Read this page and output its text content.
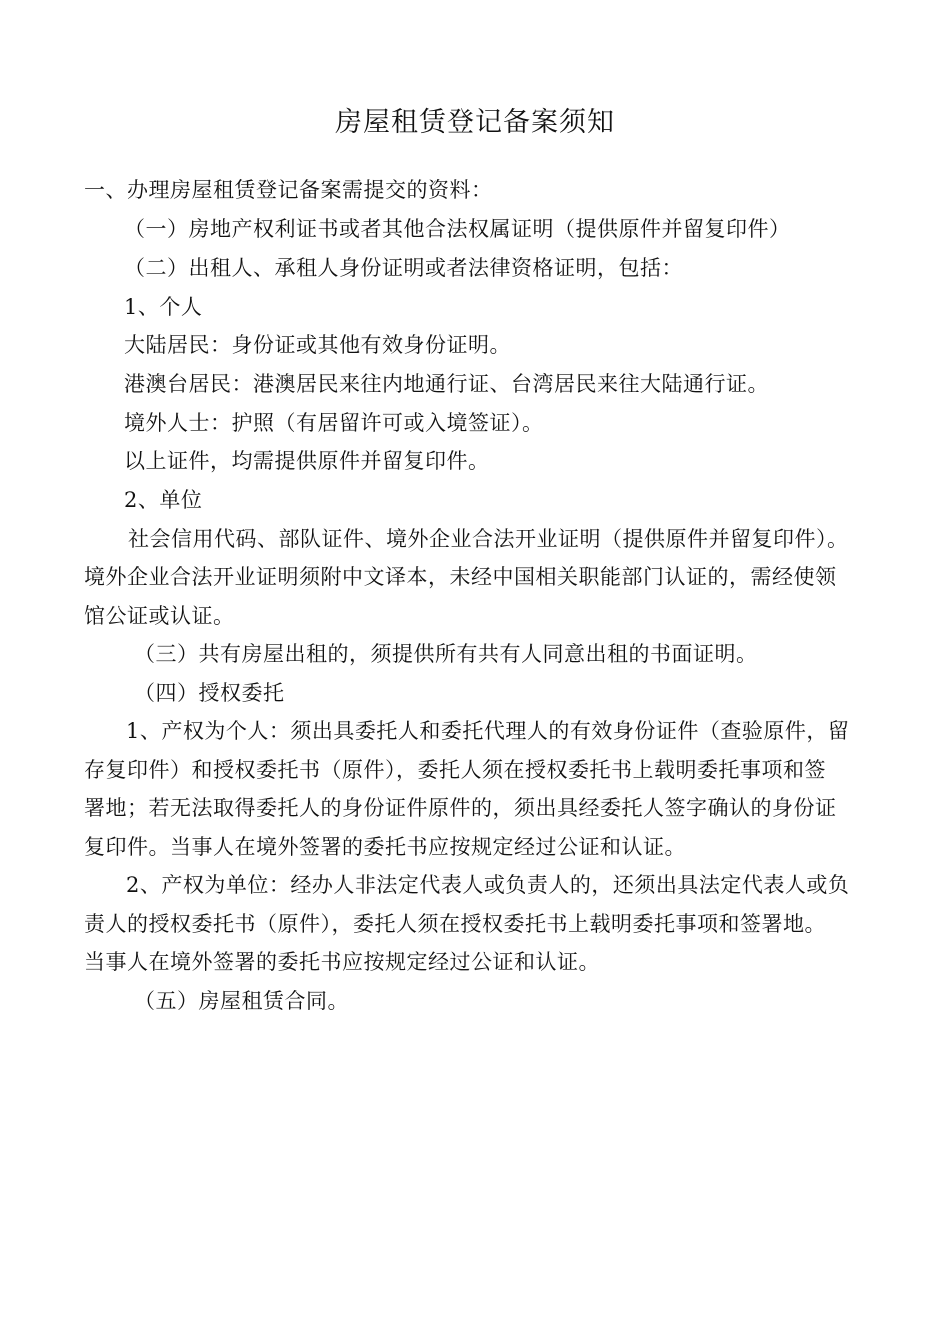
房屋租赁登记备案须知
一、办理房屋租赁登记备案需提交的资料：
（一）房地产权利证书或者其他合法权属证明（提供原件并留复印件）
（二）出租人、承租人身份证明或者法律资格证明，包括：
1、个人
大陆居民：身份证或其他有效身份证明。
港澳台居民：港澳居民来往内地通行证、台湾居民来往大陆通行证。
境外人士：护照（有居留许可或入境签证）。
以上证件，均需提供原件并留复印件。
2、单位
社会信用代码、部队证件、境外企业合法开业证明（提供原件并留复印件）。
境外企业合法开业证明须附中文译本，未经中国相关职能部门认证的，需经使领
馆公证或认证。
（三）共有房屋出租的，须提供所有共有人同意出租的书面证明。
（四）授权委托
1、产权为个人：须出具委托人和委托代理人的有效身份证件（查验原件，留
存复印件）和授权委托书（原件），委托人须在授权委托书上载明委托事项和签
署地；若无法取得委托人的身份证件原件的，须出具经委托人签字确认的身份证
复印件。当事人在境外签署的委托书应按规定经过公证和认证。
2、产权为单位：经办人非法定代表人或负责人的，还须出具法定代表人或负
责人的授权委托书（原件），委托人须在授权委托书上载明委托事项和签署地。
当事人在境外签署的委托书应按规定经过公证和认证。
（五）房屋租赁合同。
